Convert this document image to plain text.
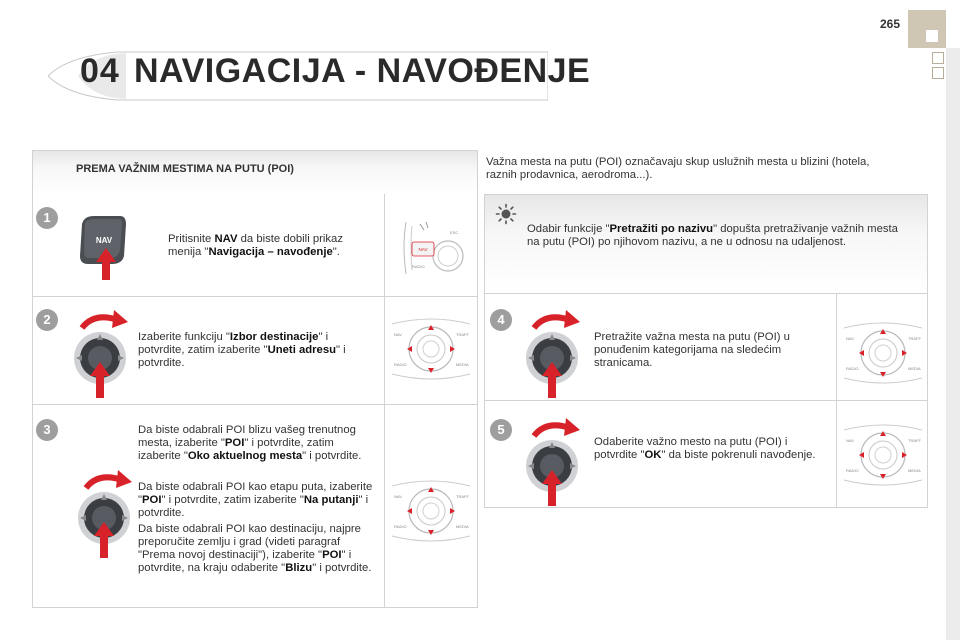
265
04 NAVIGACIJA - NAVOĐENJE
PREMA VAŽNIM MESTIMA NA PUTU (POI)
Važna mesta na putu (POI) označavaju skup uslužnih mesta u blizini (hotela, raznih prodavnica, aerodroma...).
Odabir funkcije "Pretražiti po nazivu" dopušta pretraživanje važnih mesta na putu (POI) po njihovom nazivu, a ne u odnosu na udaljenost.
1
NAV	Pritisnite NAV da biste dobili prikaz menija "Navigacija – navođenje".	NAV
ESC
RADIO
2
Izaberite funkciju "Izbor destinacije" i potvrdite, zatim izaberite "Uneti adresu" i potvrdite.
NAV	TRAFF
RADIO	MEDIA
3	Da biste odabrali POI blizu vašeg trenutnog mesta, izaberite "POI" i potvrdite, zatim izaberite "Oko aktuelnog mesta" i potvrdite.
Da biste odabrali POI kao etapu puta, izaberite "POI" i potvrdite, zatim izaberite "Na putanji" i potvrdite.
Da biste odabrali POI kao destinaciju, najpre preporučite zemlju i grad (videti paragraf "Prema novoj destinaciji"), izaberite "POI" i potvrdite, na kraju odaberite "Blizu" i potvrdite.
NAV	TRAFF
RADIO	MEDIA
4
Pretražite važna mesta na putu (POI) u ponuđenim kategorijama na sledećim stranicama.
NAV	TRAFF
RADIO	MEDIA
5
Odaberite važno mesto na putu (POI) i potvrdite "OK" da biste pokrenuli navođenje.
NAV	TRAFF
RADIO	MEDIA
